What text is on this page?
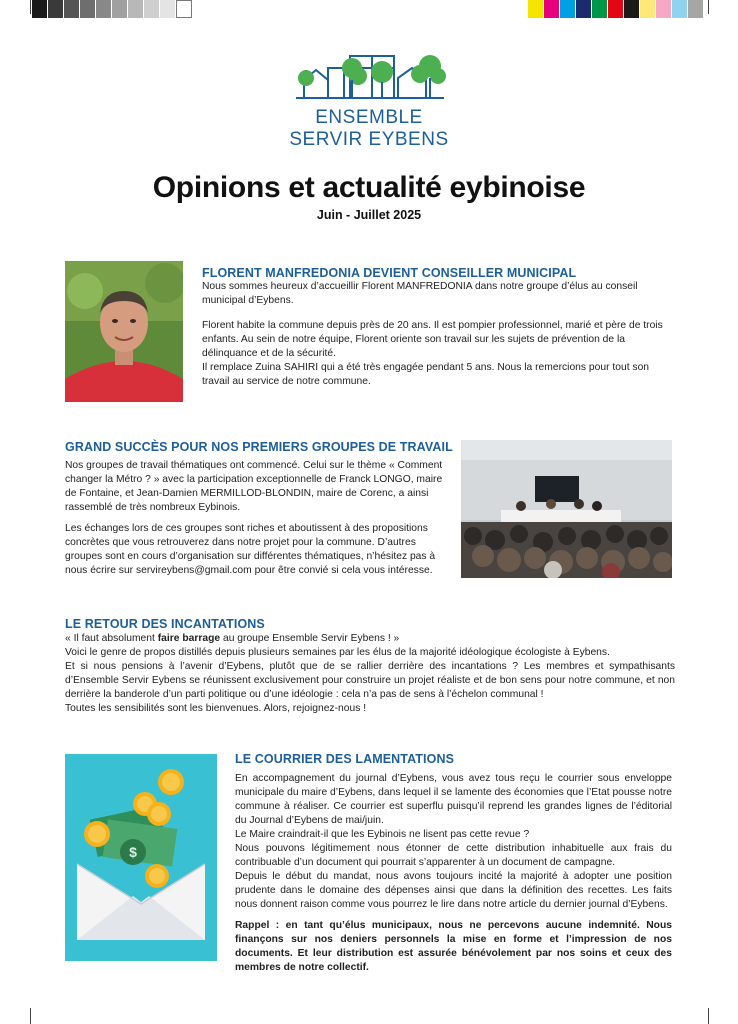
ENSEMBLE
SERVIR EYBENS
Opinions et actualité eybinoise
Juin - Juillet 2025
FLORENT MANFREDONIA DEVIENT CONSEILLER MUNICIPAL

Nous sommes heureux d’accueillir Florent MANFREDONIA dans notre groupe d’élus au conseil municipal d’Eybens.

Florent habite la commune depuis près de 20 ans. Il est pompier professionnel, marié et père de trois enfants. Au sein de notre équipe, Florent oriente son travail sur les sujets de prévention de la délinquance et de la sécurité.

Il remplace Zuina SAHIRI qui a été très engagée pendant 5 ans. Nous la remercions pour tout son travail au service de notre commune.

GRAND SUCCÈS POUR NOS PREMIERS GROUPES DE TRAVAIL

Nos groupes de travail thématiques ont commencé. Celui sur le thème « Comment changer la Métro ? » avec la participation exceptionnelle de Franck LONGO, maire de Fontaine, et Jean-Damien MERMILLOD-BLONDIN, maire de Corenc, a ainsi rassemblé de très nombreux Eybinois.

Les échanges lors de ces groupes sont riches et aboutissent à des propositions concrètes que vous retrouverez dans notre projet pour la commune. D’autres groupes sont en cours d’organisation sur différentes thématiques, n’hésitez pas à nous écrire sur servireybens@gmail.com pour être convié si cela vous intéresse.

LE RETOUR DES INCANTATIONS

« Il faut absolument faire barrage au groupe Ensemble Servir Eybens ! »

Voici le genre de propos distillés depuis plusieurs semaines par les élus de la majorité idéologique écologiste à Eybens.

Et si nous pensions à l’avenir d’Eybens, plutôt que de se rallier derrière des incantations ? Les membres et sympathisants d’Ensemble Servir Eybens se réunissent exclusivement pour construire un projet réaliste et de bon sens pour notre commune, et non derrière la banderole d’un parti politique ou d’une idéologie : cela n’a pas de sens à l’échelon communal !

Toutes les sensibilités sont les bienvenues. Alors, rejoignez-nous !

$
LE COURRIER DES LAMENTATIONS

En accompagnement du journal d’Eybens, vous avez tous reçu le courrier sous enveloppe municipale du maire d’Eybens, dans lequel il se lamente des économies que l’Etat pousse notre commune à réaliser. Ce courrier est superflu puisqu’il reprend les grandes lignes de l’éditorial du Journal d’Eybens de mai/juin.

Le Maire craindrait-il que les Eybinois ne lisent pas cette revue ?

Nous pouvons légitimement nous étonner de cette distribution inhabituelle aux frais du contribuable d’un document qui pourrait s’apparenter à un document de campagne.

Depuis le début du mandat, nous avons toujours incité la majorité à adopter une position prudente dans le domaine des dépenses ainsi que dans la définition des recettes. Les faits nous donnent raison comme vous pourrez le lire dans notre article du dernier journal d’Eybens.

Rappel : en tant qu’élus municipaux, nous ne percevons aucune indemnité. Nous finançons sur nos deniers personnels la mise en forme et l’impression de nos documents. Et leur distribution est assurée bénévolement par nos soins et ceux des membres de notre collectif.
